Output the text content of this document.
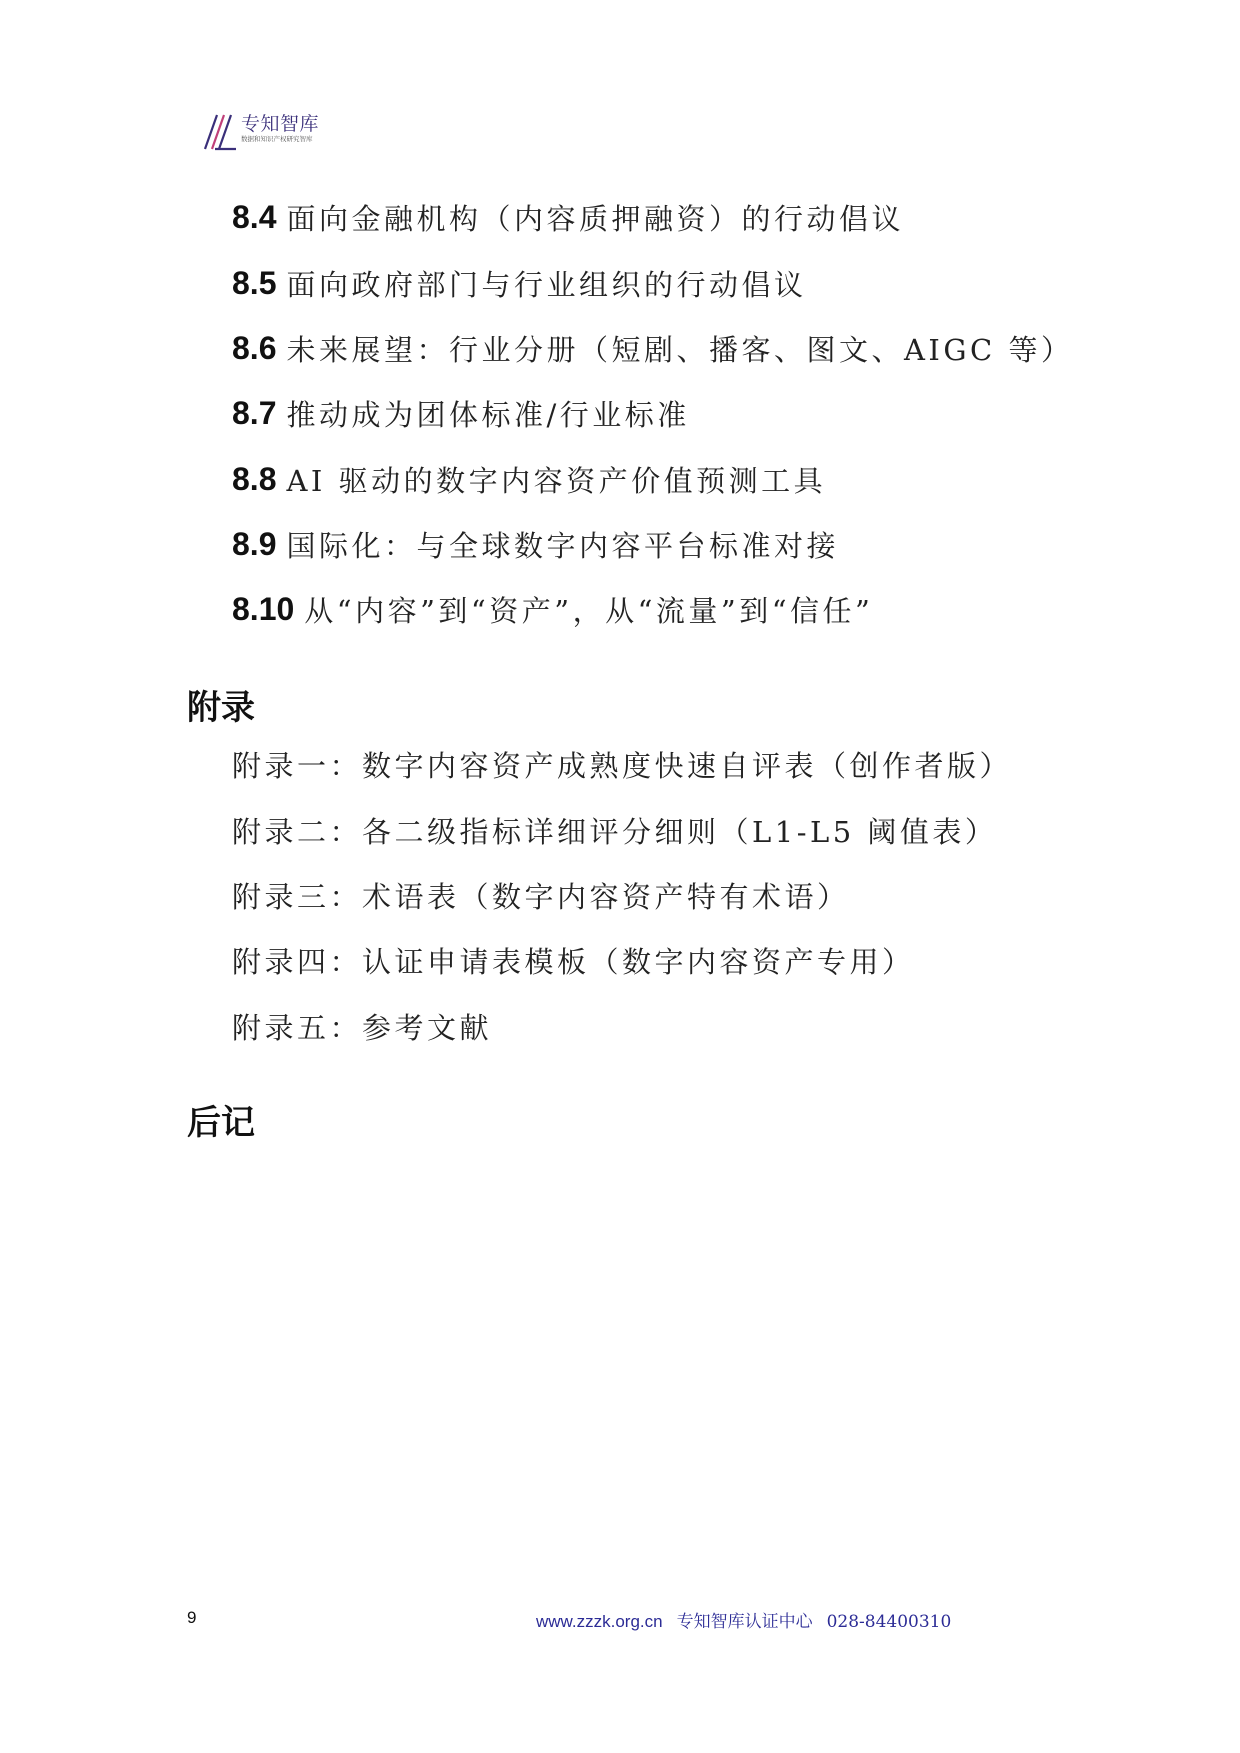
专知智库
数据和知识产权研究智库
8.4 面向金融机构（内容质押融资）的行动倡议
8.5 面向政府部门与行业组织的行动倡议
8.6 未来展望：行业分册（短剧、播客、图文、AIGC 等）
8.7 推动成为团体标准/行业标准
8.8 AI 驱动的数字内容资产价值预测工具
8.9 国际化：与全球数字内容平台标准对接
8.10 从“内容”到“资产”，从“流量”到“信任”
附录
附录一：数字内容资产成熟度快速自评表（创作者版）
附录二：各二级指标详细评分细则（L1-L5 阈值表）
附录三：术语表（数字内容资产特有术语）
附录四：认证申请表模板（数字内容资产专用）
附录五：参考文献
后记
9	www.zzzk.org.cn 专知智库认证中心 028-84400310
